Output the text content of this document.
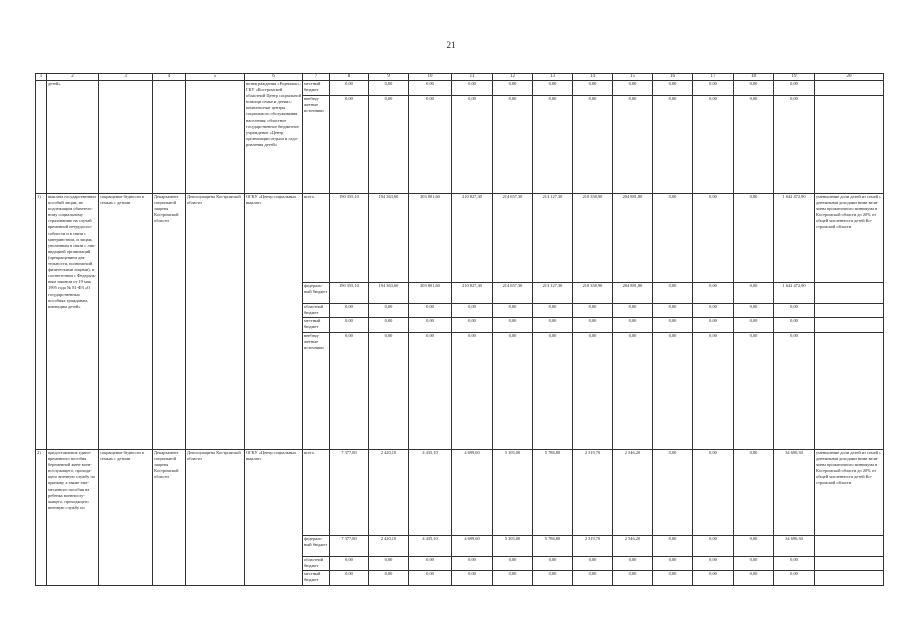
21
1	2	3	4	5	6	7	8	9	10	11	12	13	14	15	16	17	18	19	20
	детей»				вознаграждения «Родничок»; ГКУ «Костромской областной Центр социальной помощи семье и детям»; комплексные центры социального обслуживания населения; областное государственное бюджетное учреждение «Центр организации отдыха и оздоровления детей»	местный бюджет	0,00	0,00	0,00	0,00	0,00	0,00	0,00	0,00	0,00	0,00	0,00	0,00	
						внебюджетные источники	0,00	0,00	0,00	0,00	0,00	0,00	0,00	0,00	0,00	0,00	0,00	0,00	
1)	выплата государственных пособий лицам, не подлежащим обязательному социальному страхованию на случай временной нетрудоспособности и в связи с материнством, и лицам, уволенным в связи с ликвидацией организаций (прекращением деятельности, полномочий физическими лицами), в соответствии с Федеральным законом от 19 мая 1995 года № 81-ФЗ «О государственных пособиях гражданам, имеющим детей»	сокращение бедности в семьях с детьми	Департамент социальной защиты Костромской области	Депсоцзащиты Костромской области	ОГКУ «Центр социальных выплат»	всего	190 355,10	194 363,60	203 801,60	210 827,30	214 657,30	213 127,30	210 358,90	204 881,80	0,00	0,00	0,00	1 642 472,90	уменьшение доли детей из семей с денежными доходами ниже величины прожиточного минимума в Костромской области до 20% от общей численности детей Костромской области
						федеральный бюджет	190 355,10	194 363,60	203 801,60	210 827,30	214 657,30	213 127,30	210 358,90	204 881,80	0,00	0,00	0,00	1 642 472,90	
						областной бюджет	0,00	0,00	0,00	0,00	0,00	0,00	0,00	0,00	0,00	0,00	0,00	0,00	
						местный бюджет	0,00	0,00	0,00	0,00	0,00	0,00	0,00	0,00	0,00	0,00	0,00	0,00	
						внебюджетные источники	0,00	0,00	0,00	0,00	0,00	0,00	0,00	0,00	0,00	0,00	0,00	0,00	
2)	предоставление единовременного пособия беременной жене военнослужащего, проходящего военную службу по призыву, а также ежемесячного пособия на ребенка военнослужащего, проходящего военную службу по	сокращение бедности в семьях с детьми	Департамент социальной защиты Костромской области	Депсоцзащиты Костромской области	ОГКУ «Центр социальных выплат»	всего	7 377,80	2 420,10	4 435,10	4 699,60	5 105,00	5 786,80	2 319,70	2 546,20	0,00	0,00	0,00	34 690,30	уменьшение доли детей из семей с денежными доходами ниже величины прожиточного минимума в Костромской области до 20% от общей численности детей Костромской области
						федеральный бюджет	7 377,80	2 420,10	4 435,10	4 699,60	5 105,00	5 786,80	2 319,70	2 546,20	0,00	0,00	0,00	34 690,30	
						областной бюджет	0,00	0,00	0,00	0,00	0,00	0,00	0,00	0,00	0,00	0,00	0,00	0,00	
						местный бюджет	0,00	0,00	0,00	0,00	0,00	0,00	0,00	0,00	0,00	0,00	0,00	0,00	
